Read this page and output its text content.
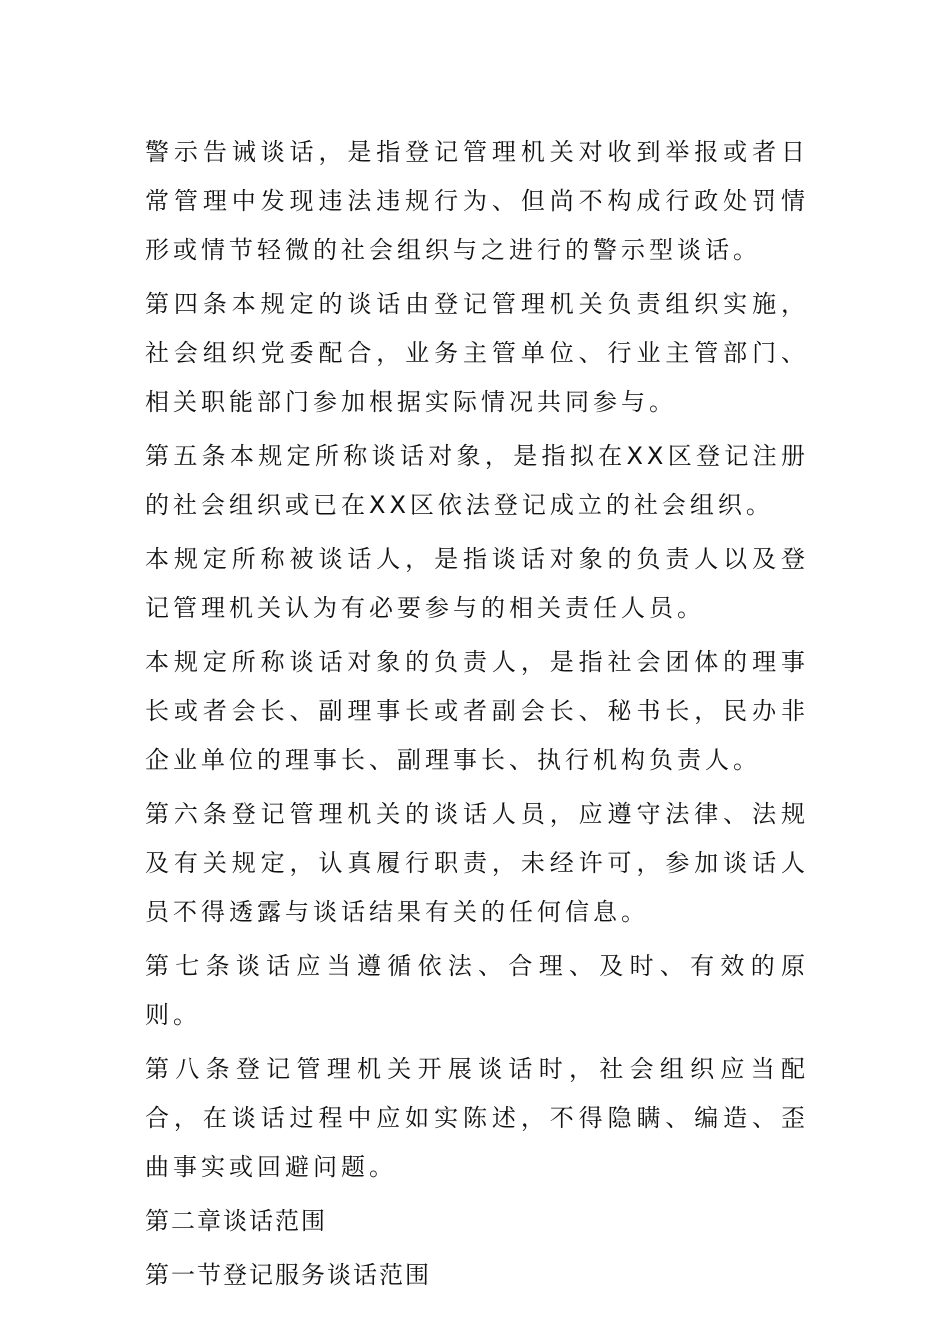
警示告诫谈话，是指登记管理机关对收到举报或者日常管理中发现违法违规行为、但尚不构成行政处罚情形或情节轻微的社会组织与之进行的警示型谈话。

第四条本规定的谈话由登记管理机关负责组织实施，社会组织党委配合，业务主管单位、行业主管部门、相关职能部门参加根据实际情况共同参与。

第五条本规定所称谈话对象，是指拟在XX区登记注册的社会组织或已在XX区依法登记成立的社会组织。

本规定所称被谈话人，是指谈话对象的负责人以及登记管理机关认为有必要参与的相关责任人员。

本规定所称谈话对象的负责人，是指社会团体的理事长或者会长、副理事长或者副会长、秘书长，民办非企业单位的理事长、副理事长、执行机构负责人。

第六条登记管理机关的谈话人员，应遵守法律、法规及有关规定，认真履行职责，未经许可，参加谈话人员不得透露与谈话结果有关的任何信息。

第七条谈话应当遵循依法、合理、及时、有效的原则。

第八条登记管理机关开展谈话时，社会组织应当配合，在谈话过程中应如实陈述，不得隐瞒、编造、歪曲事实或回避问题。

第二章谈话范围

第一节登记服务谈话范围
